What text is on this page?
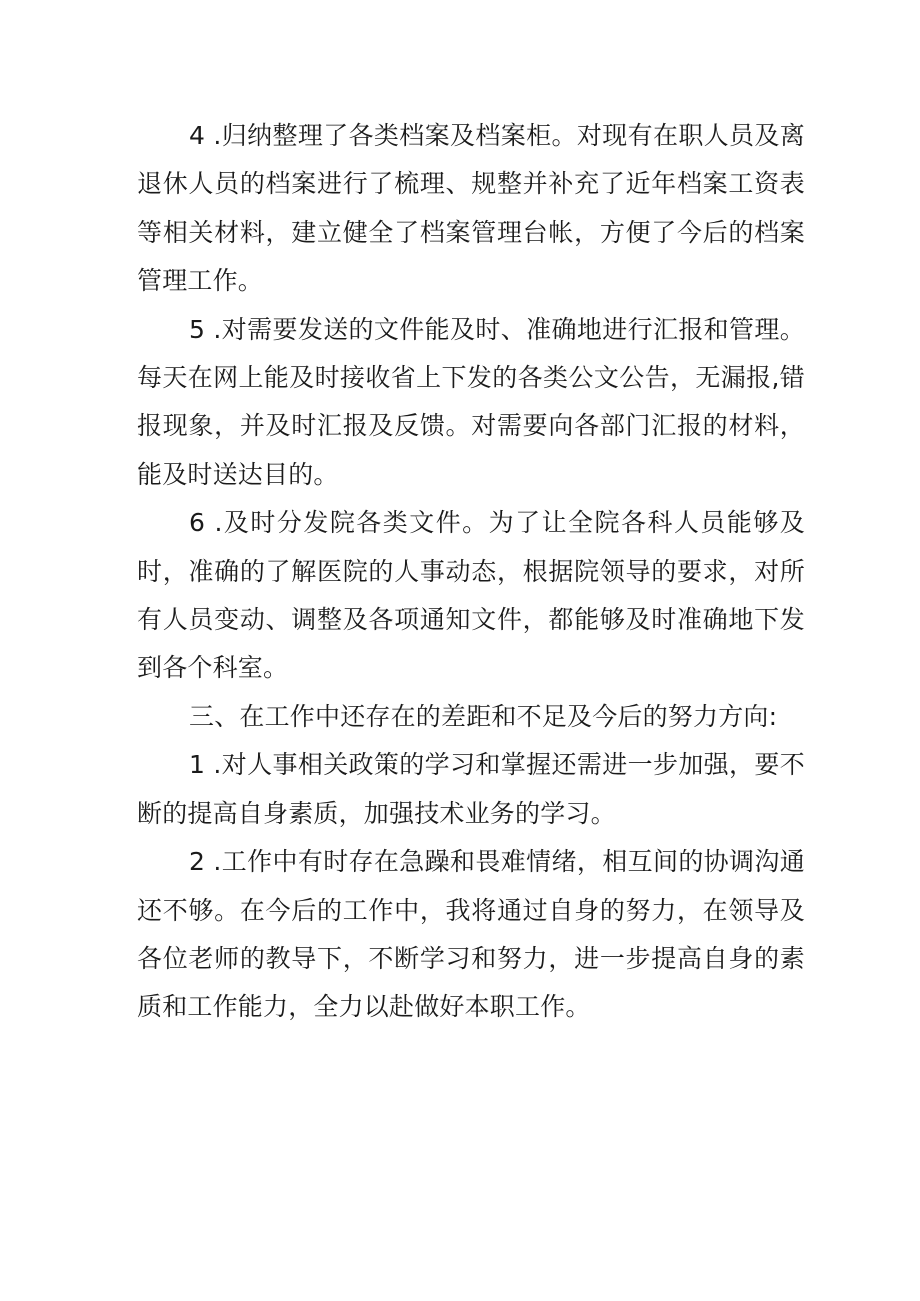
4 .归纳整理了各类档案及档案柜。对现有在职人员及离退休人员的档案进行了梳理、规整并补充了近年档案工资表等相关材料，建立健全了档案管理台帐，方便了今后的档案管理工作。

5 .对需要发送的文件能及时、准确地进行汇报和管理。每天在网上能及时接收省上下发的各类公文公告，无漏报,错报现象，并及时汇报及反馈。对需要向各部门汇报的材料，能及时送达目的。

6 .及时分发院各类文件。为了让全院各科人员能够及时，准确的了解医院的人事动态，根据院领导的要求，对所有人员变动、调整及各项通知文件，都能够及时准确地下发到各个科室。

三、在工作中还存在的差距和不足及今后的努力方向:

1 .对人事相关政策的学习和掌握还需进一步加强，要不断的提高自身素质，加强技术业务的学习。

2 .工作中有时存在急躁和畏难情绪，相互间的协调沟通还不够。在今后的工作中，我将通过自身的努力，在领导及各位老师的教导下，不断学习和努力，进一步提高自身的素质和工作能力，全力以赴做好本职工作。
